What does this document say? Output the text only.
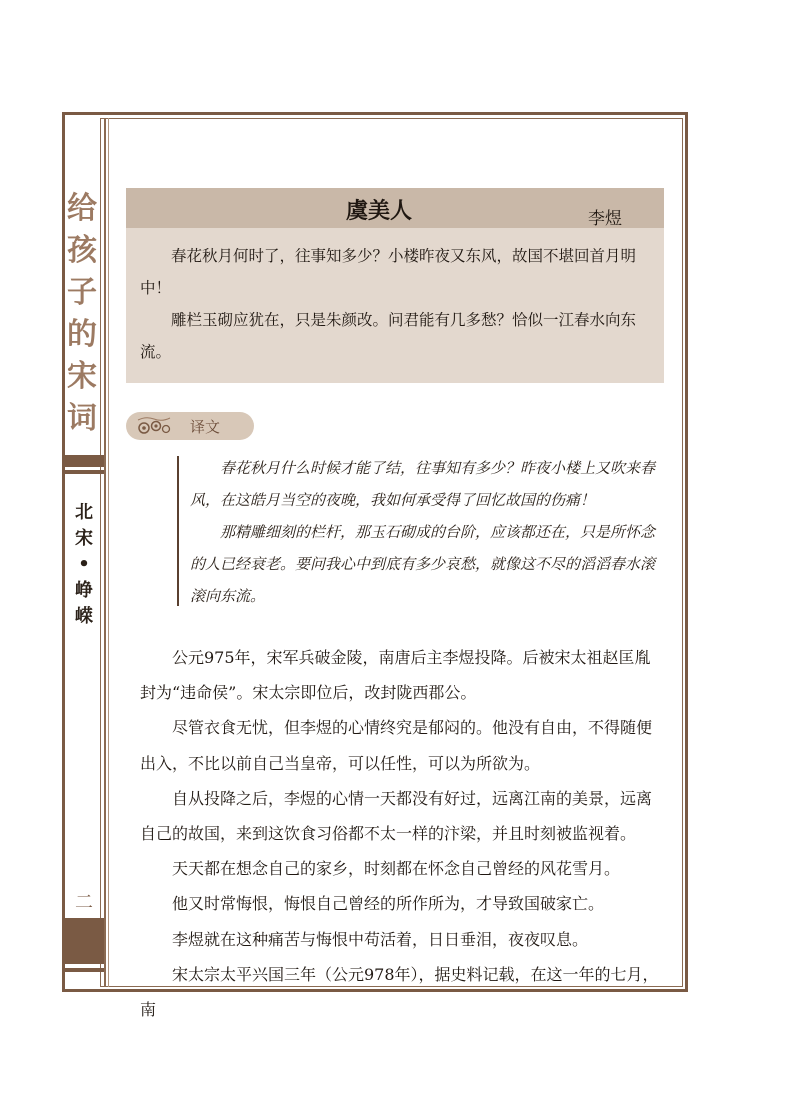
给
孩
子
的
宋
词
北
宋
•
峥
嵘
二
虞美人	李煜

春花秋月何时了，往事知多少？小楼昨夜又东风，故国不堪回首月明中！

雕栏玉砌应犹在，只是朱颜改。问君能有几多愁？恰似一江春水向东流。

译文

春花秋月什么时候才能了结，往事知有多少？昨夜小楼上又吹来春风，在这皓月当空的夜晚，我如何承受得了回忆故国的伤痛！

那精雕细刻的栏杆，那玉石砌成的台阶，应该都还在，只是所怀念的人已经衰老。要问我心中到底有多少哀愁，就像这不尽的滔滔春水滚滚向东流。

公元975年，宋军兵破金陵，南唐后主李煜投降。后被宋太祖赵匡胤封为“违命侯”。宋太宗即位后，改封陇西郡公。

尽管衣食无忧，但李煜的心情终究是郁闷的。他没有自由，不得随便出入，不比以前自己当皇帝，可以任性，可以为所欲为。

自从投降之后，李煜的心情一天都没有好过，远离江南的美景，远离自己的故国，来到这饮食习俗都不太一样的汴梁，并且时刻被监视着。

天天都在想念自己的家乡，时刻都在怀念自己曾经的风花雪月。

他又时常悔恨，悔恨自己曾经的所作所为，才导致国破家亡。

李煜就在这种痛苦与悔恨中苟活着，日日垂泪，夜夜叹息。

宋太宗太平兴国三年（公元978年），据史料记载，在这一年的七月，南
